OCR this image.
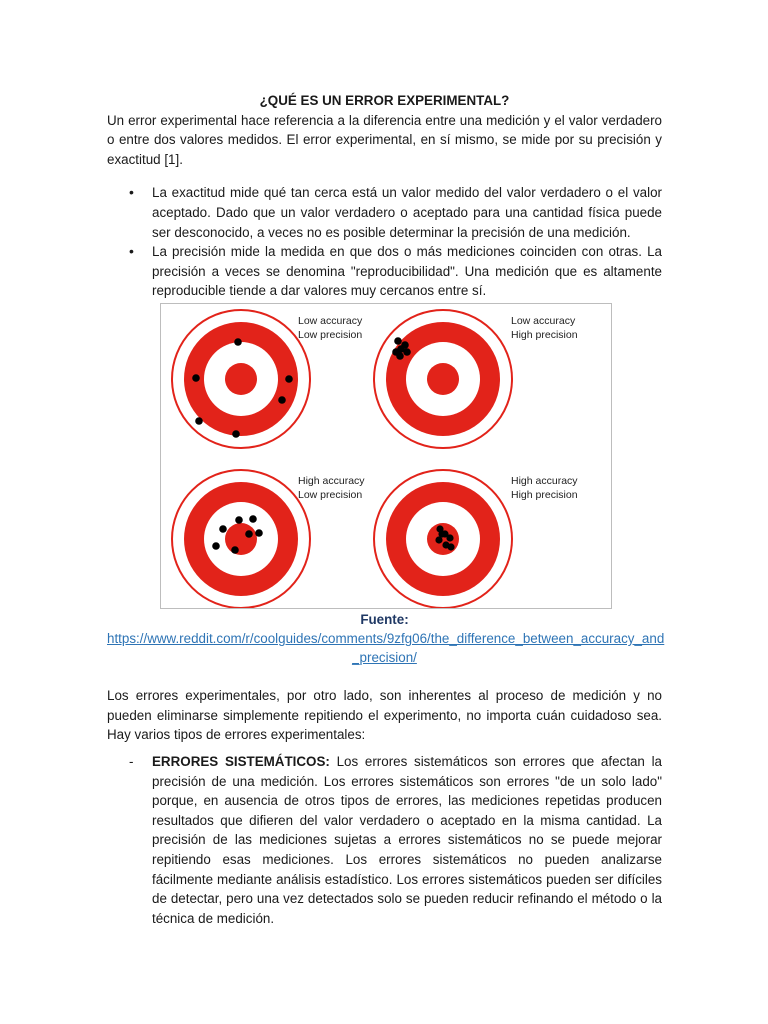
¿QUÉ ES UN ERROR EXPERIMENTAL?

Un error experimental hace referencia a la diferencia entre una medición y el valor verdadero o entre dos valores medidos. El error experimental, en sí mismo, se mide por su precisión y exactitud [1].

• La exactitud mide qué tan cerca está un valor medido del valor verdadero o el valor aceptado. Dado que un valor verdadero o aceptado para una cantidad física puede ser desconocido, a veces no es posible determinar la precisión de una medición.
• La precisión mide la medida en que dos o más mediciones coinciden con otras. La precisión a veces se denomina "reproducibilidad". Una medición que es altamente reproducible tiende a dar valores muy cercanos entre sí.
Low accuracy
Low precision
Low accuracy
High precision
High accuracy
Low precision
High accuracy
High precision
Fuente:
https://www.reddit.com/r/coolguides/comments/9zfg06/the_difference_between_accuracy_and
_precision/
Los errores experimentales, por otro lado, son inherentes al proceso de medición y no pueden eliminarse simplemente repitiendo el experimento, no importa cuán cuidadoso sea. Hay varios tipos de errores experimentales:
- ERRORES SISTEMÁTICOS: Los errores sistemáticos son errores que afectan la precisión de una medición. Los errores sistemáticos son errores "de un solo lado" porque, en ausencia de otros tipos de errores, las mediciones repetidas producen resultados que difieren del valor verdadero o aceptado en la misma cantidad. La precisión de las mediciones sujetas a errores sistemáticos no se puede mejorar repitiendo esas mediciones. Los errores sistemáticos no pueden analizarse fácilmente mediante análisis estadístico. Los errores sistemáticos pueden ser difíciles de detectar, pero una vez detectados solo se pueden reducir refinando el método o la técnica de medición.
